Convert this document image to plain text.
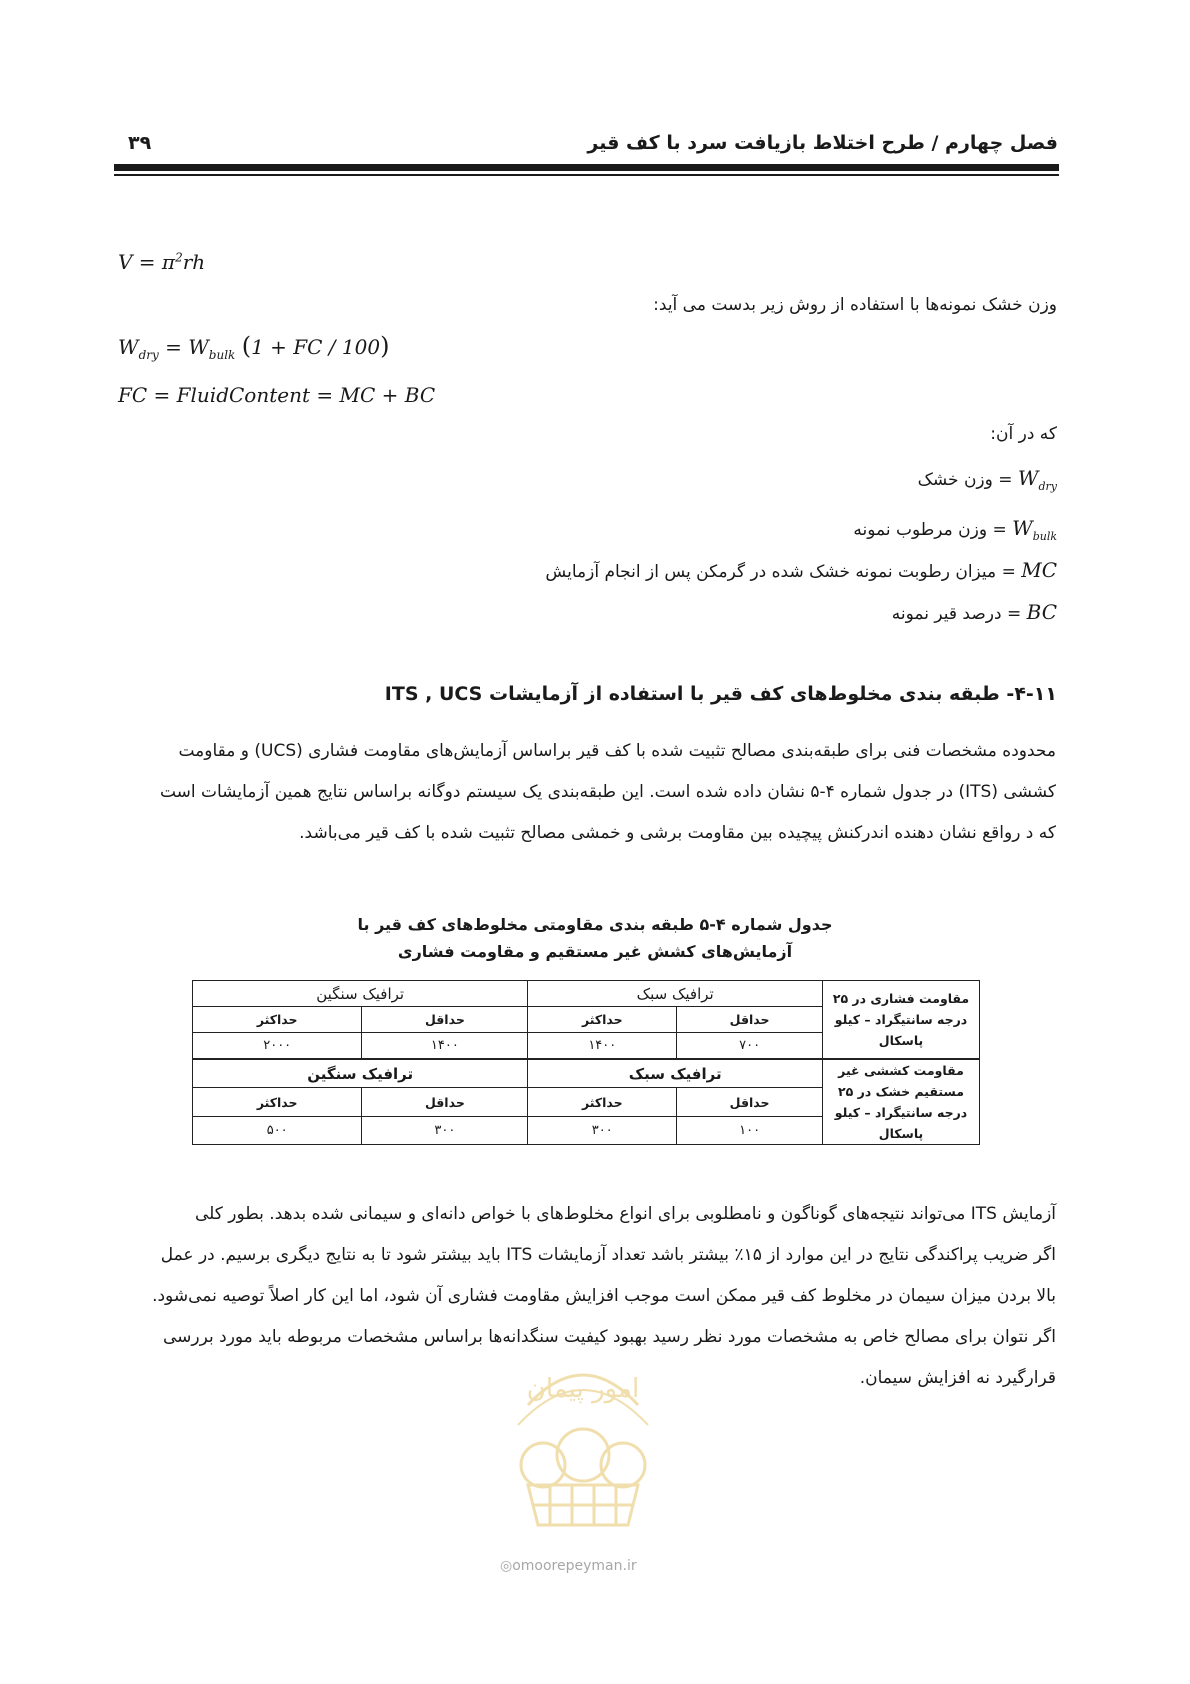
فصل چهارم / طرح اختلاط بازیافت سرد با کف قیر
۳۹
$V = \pi^2rh$
وزن خشک نمونه‌ها با استفاده از روش زیر بدست می آید:
$W_{dry} = W_{bulk}$ (1 + FC / 100)
FC = FluidContent = MC + BC
که در آن:
$W_{dry}$ = وزن خشک
$W_{bulk}$ = وزن مرطوب نمونه
MC = میزان رطوبت نمونه خشک شده در گرمکن پس از انجام آزمایش
BC = درصد قیر نمونه
۴-۱۱- طبقه بندی مخلوط‌های کف قیر با استفاده از آزمایشات ITS , UCS
محدوده مشخصات فنی برای طبقه‌بندی مصالح تثبیت شده با کف قیر براساس آزمایش‌های مقاومت فشاری (UCS) و مقاومت
کششی (ITS) در جدول شماره ۴-۵ نشان داده شده است. این طبقه‌بندی یک سیستم دوگانه براساس نتایج همین آزمایشات است
که د رواقع نشان دهنده اندرکنش پیچیده بین مقاومت برشی و خمشی مصالح تثبیت شده با کف قیر می‌باشد.
جدول شماره ۴-۵ طبقه بندی مقاومتی مخلوط‌های کف قیر با
آزمایش‌های کشش غیر مستقیم و مقاومت فشاری
مقاومت فشاری در ۲۵ درجه سانتیگراد – کیلو پاسکال	ترافیک سبک		ترافیک سنگین	
	حداقل	حداکثر	حداقل	حداکثر
	۷۰۰	۱۴۰۰	۱۴۰۰	۲۰۰۰
مقاومت کششی غیر مستقیم خشک در ۲۵ درجه سانتیگراد – کیلو پاسکال	ترافیک سبک		ترافیک سنگین	
	حداقل	حداکثر	حداقل	حداکثر
	۱۰۰	۳۰۰	۳۰۰	۵۰۰
آزمایش ITS می‌تواند نتیجه‌های گوناگون و نامطلوبی برای انواع مخلوط‌های با خواص دانه‌ای و سیمانی شده بدهد. بطور کلی
اگر ضریب پراکندگی نتایج در این موارد از ۱۵٪ بیشتر باشد تعداد آزمایشات ITS باید بیشتر شود تا به نتایج دیگری برسیم. در عمل
بالا بردن میزان سیمان در مخلوط کف قیر ممکن است موجب افزایش مقاومت فشاری آن شود، اما این کار اصلاً توصیه نمی‌شود.
اگر نتوان برای مصالح خاص به مشخصات مورد نظر رسید بهبود کیفیت سنگدانه‌ها براساس مشخصات مربوطه باید مورد بررسی
قرارگیرد نه افزایش سیمان.
امور پیمان
◎omoorepeyman.ir
